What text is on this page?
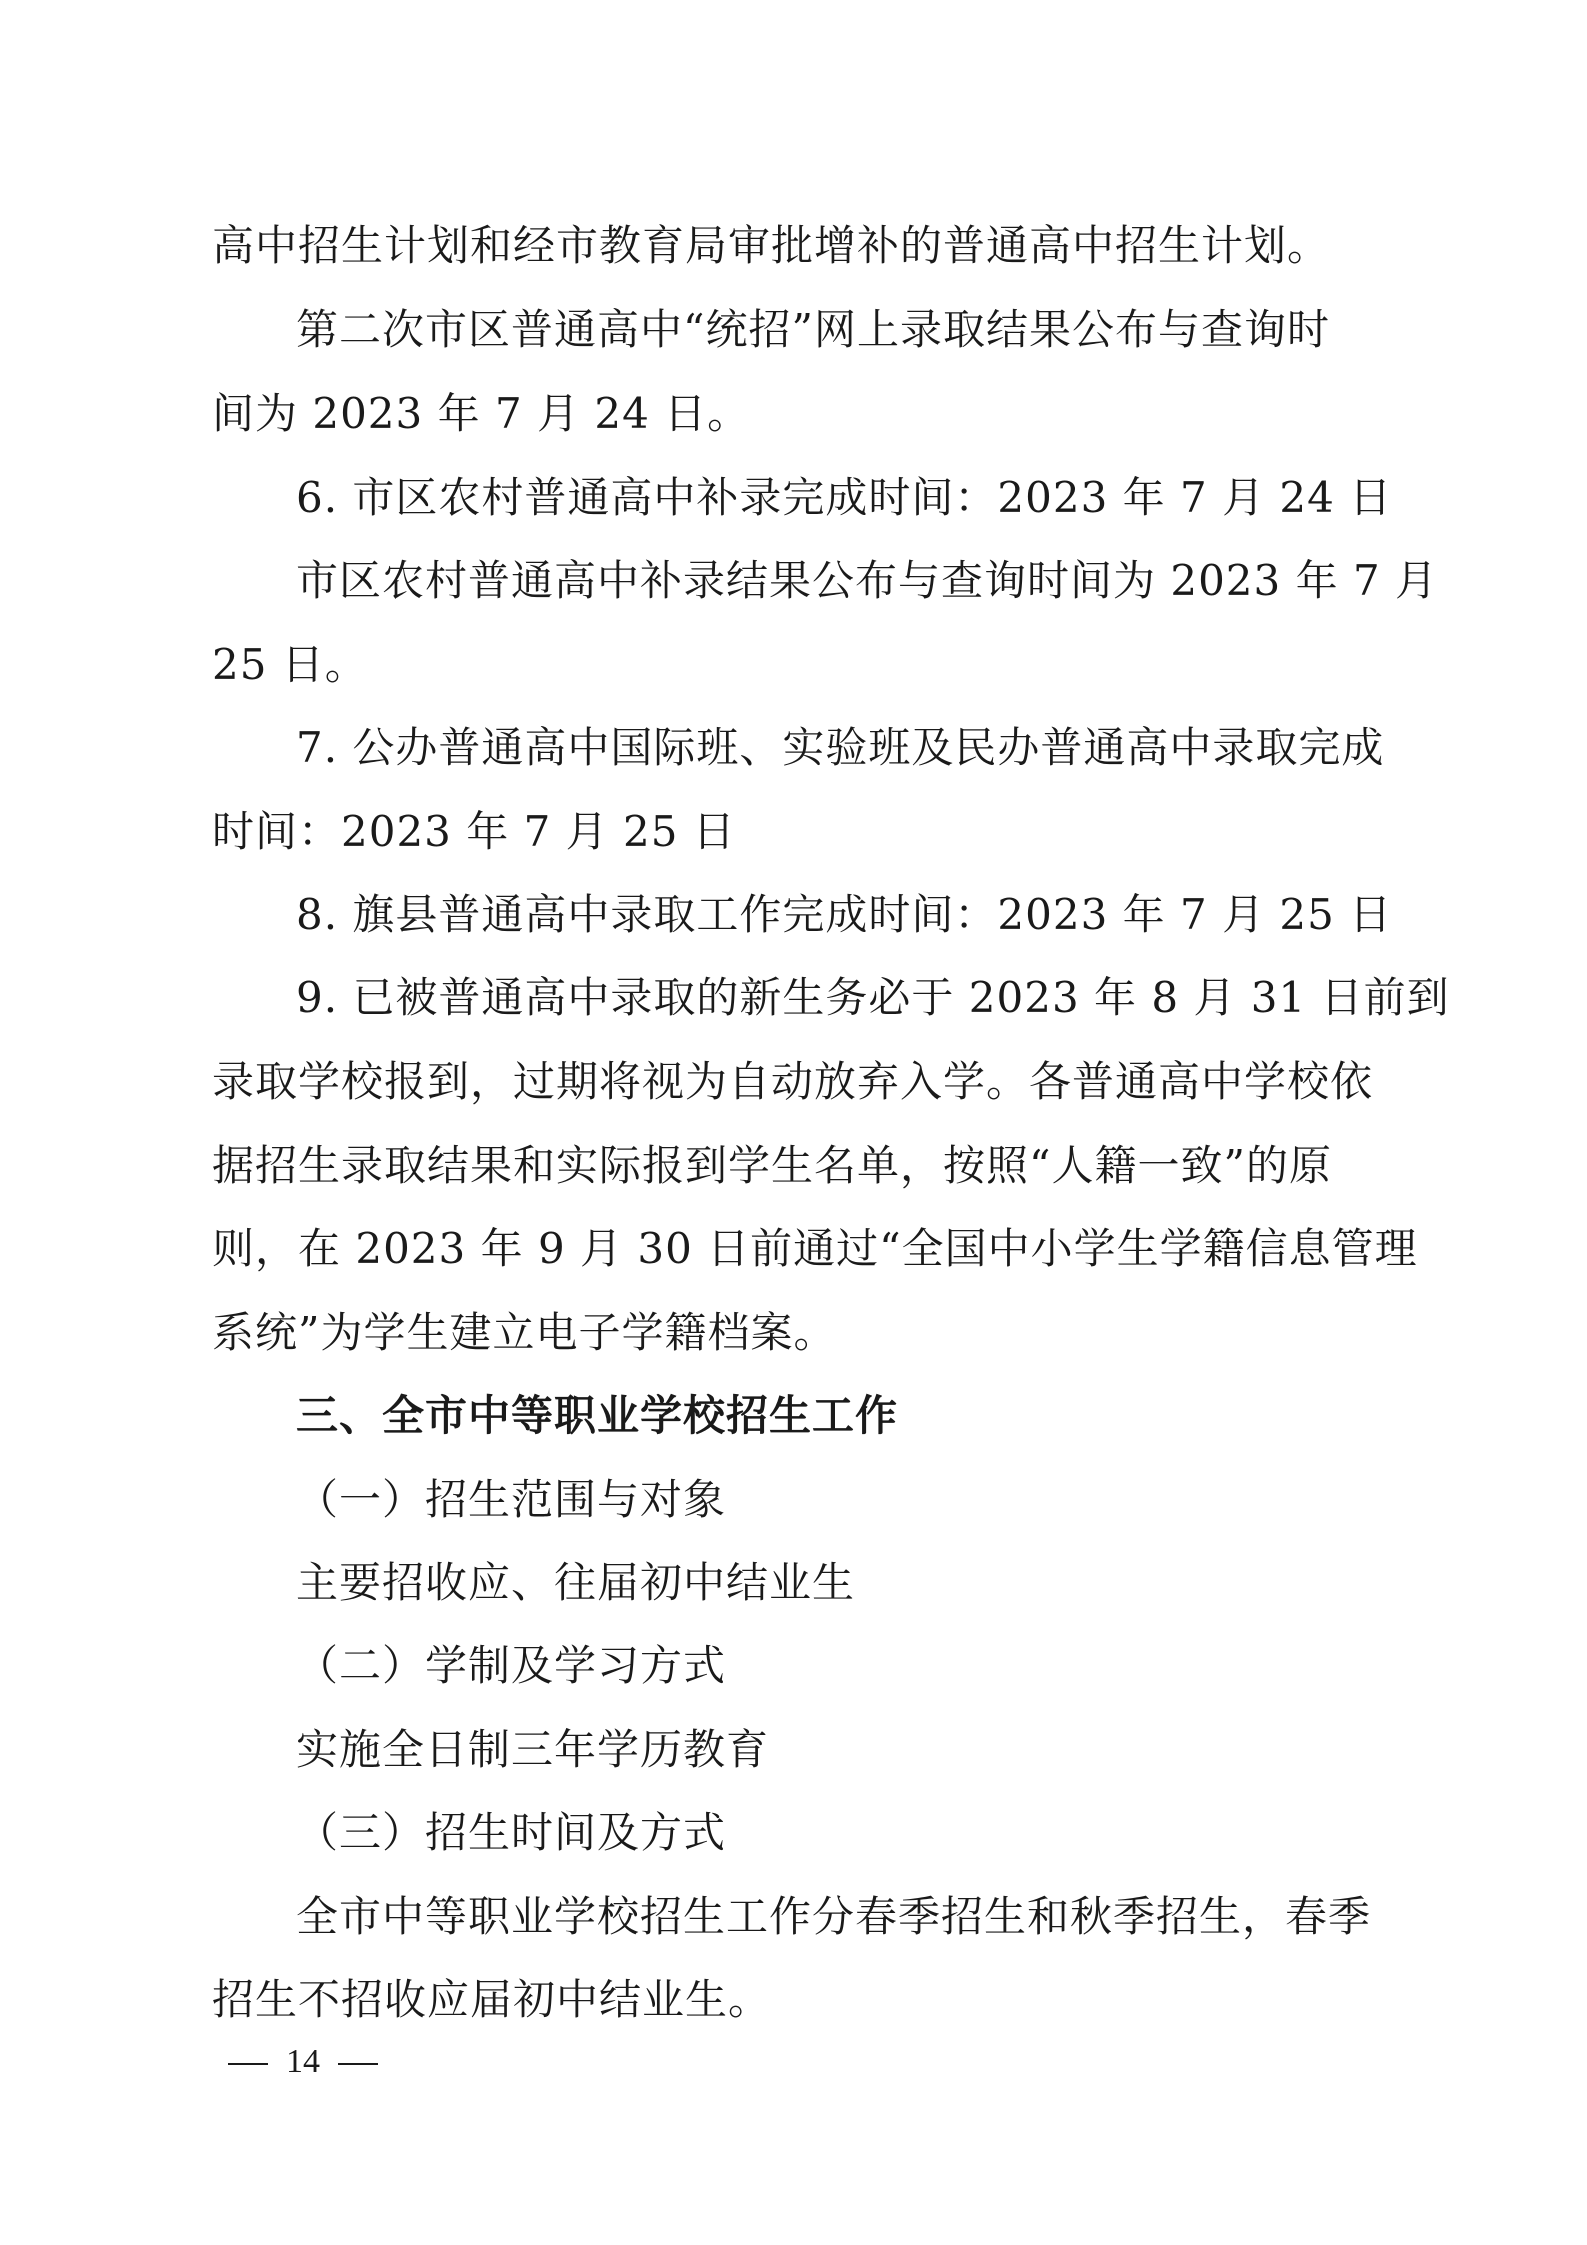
高中招生计划和经市教育局审批增补的普通高中招生计划。
第二次市区普通高中“统招”网上录取结果公布与查询时
间为 2023 年 7 月 24 日。
6. 市区农村普通高中补录完成时间：2023 年 7 月 24 日
市区农村普通高中补录结果公布与查询时间为 2023 年 7 月
25 日。
7. 公办普通高中国际班、实验班及民办普通高中录取完成
时间：2023 年 7 月 25 日
8. 旗县普通高中录取工作完成时间：2023 年 7 月 25 日
9. 已被普通高中录取的新生务必于 2023 年 8 月 31 日前到
录取学校报到，过期将视为自动放弃入学。各普通高中学校依
据招生录取结果和实际报到学生名单，按照“人籍一致”的原
则，在 2023 年 9 月 30 日前通过“全国中小学生学籍信息管理
系统”为学生建立电子学籍档案。
三、全市中等职业学校招生工作
（一）招生范围与对象
主要招收应、往届初中结业生
（二）学制及学习方式
实施全日制三年学历教育
（三）招生时间及方式
全市中等职业学校招生工作分春季招生和秋季招生，春季
招生不招收应届初中结业生。
14
